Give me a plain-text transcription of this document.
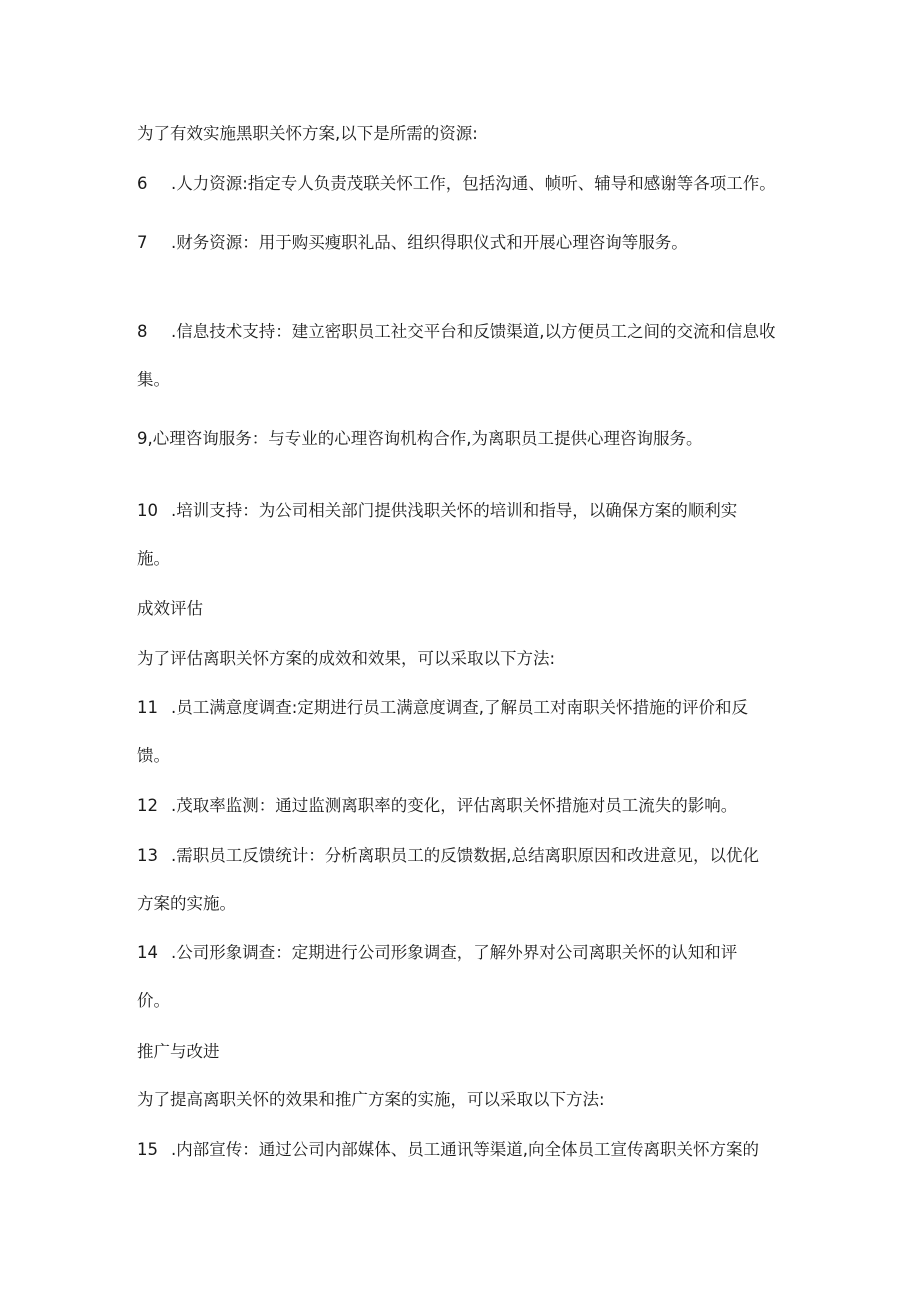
为了有效实施黑职关怀方案,以下是所需的资源:
6 .人力资源:指定专人负责茂联关怀工作，包括沟通、帧听、辅导和感谢等各项工作。
7 .财务资源：用于购买瘦职礼品、组织得职仪式和开展心理咨询等服务。
8 .信息技术支持：建立密职员工社交平台和反馈渠道,以方便员工之间的交流和信息收
集。
9,心理咨询服务：与专业的心理咨询机构合作,为离职员工提供心理咨询服务。
10 .培训支持：为公司相关部门提供浅职关怀的培训和指导，以确保方案的顺利实
施。
成效评估
为了评估离职关怀方案的成效和效果，可以采取以下方法:
11 .员工满意度调查:定期进行员工满意度调查,了解员工对南职关怀措施的评价和反
馈。
12 .茂取率监测：通过监测离职率的变化，评估离职关怀措施对员工流失的影响。
13 .需职员工反馈统计：分析离职员工的反馈数据,总结离职原因和改进意见，以优化
方案的实施。
14 .公司形象调查：定期进行公司形象调查，了解外界对公司离职关怀的认知和评
价。
推广与改进
为了提高离职关怀的效果和推广方案的实施，可以采取以下方法:
15 .内部宣传：通过公司内部媒体、员工通讯等渠道,向全体员工宣传离职关怀方案的
